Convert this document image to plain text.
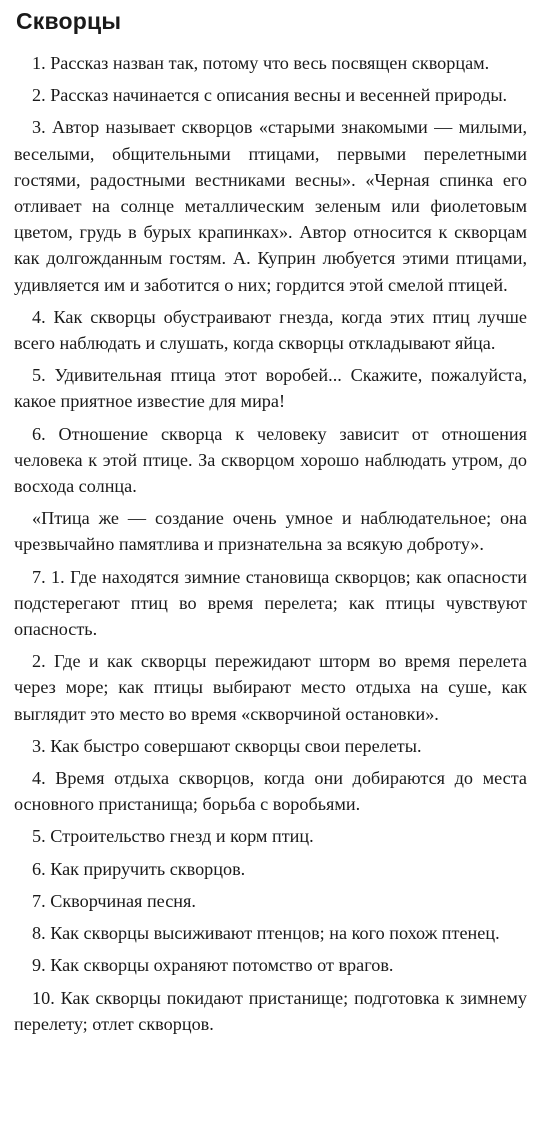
Скворцы

1. Рассказ назван так, потому что весь посвящен скворцам.

2. Рассказ начинается с описания весны и весенней природы.

3. Автор называет скворцов «старыми знакомыми — милыми, веселыми, общительными птицами, первыми перелетными гостями, радостными вестниками весны». «Черная спинка его отливает на солнце металлическим зеленым или фиолетовым цветом, грудь в бурых крапинках». Автор относится к скворцам как долгожданным гостям. А. Куприн любуется этими птицами, удивляется им и заботится о них; гордится этой смелой птицей.

4. Как скворцы обустраивают гнезда, когда этих птиц лучше всего наблюдать и слушать, когда скворцы откладывают яйца.

5. Удивительная птица этот воробей... Скажите, пожалуйста, какое приятное известие для мира!

6. Отношение скворца к человеку зависит от отношения человека к этой птице. За скворцом хорошо наблюдать утром, до восхода солнца.

«Птица же — создание очень умное и наблюдательное; она чрезвычайно памятлива и признательна за всякую доброту».

7. 1. Где находятся зимние становища скворцов; как опасности подстерегают птиц во время перелета; как птицы чувствуют опасность.

2. Где и как скворцы пережидают шторм во время перелета через море; как птицы выбирают место отдыха на суше, как выглядит это место во время «скворчиной остановки».

3. Как быстро совершают скворцы свои перелеты.

4. Время отдыха скворцов, когда они добираются до места основного пристанища; борьба с воробьями.

5. Строительство гнезд и корм птиц.

6. Как приручить скворцов.

7. Скворчиная песня.

8. Как скворцы высиживают птенцов; на кого похож птенец.

9. Как скворцы охраняют потомство от врагов.

10. Как скворцы покидают пристанище; подготовка к зимнему перелету; отлет скворцов.
